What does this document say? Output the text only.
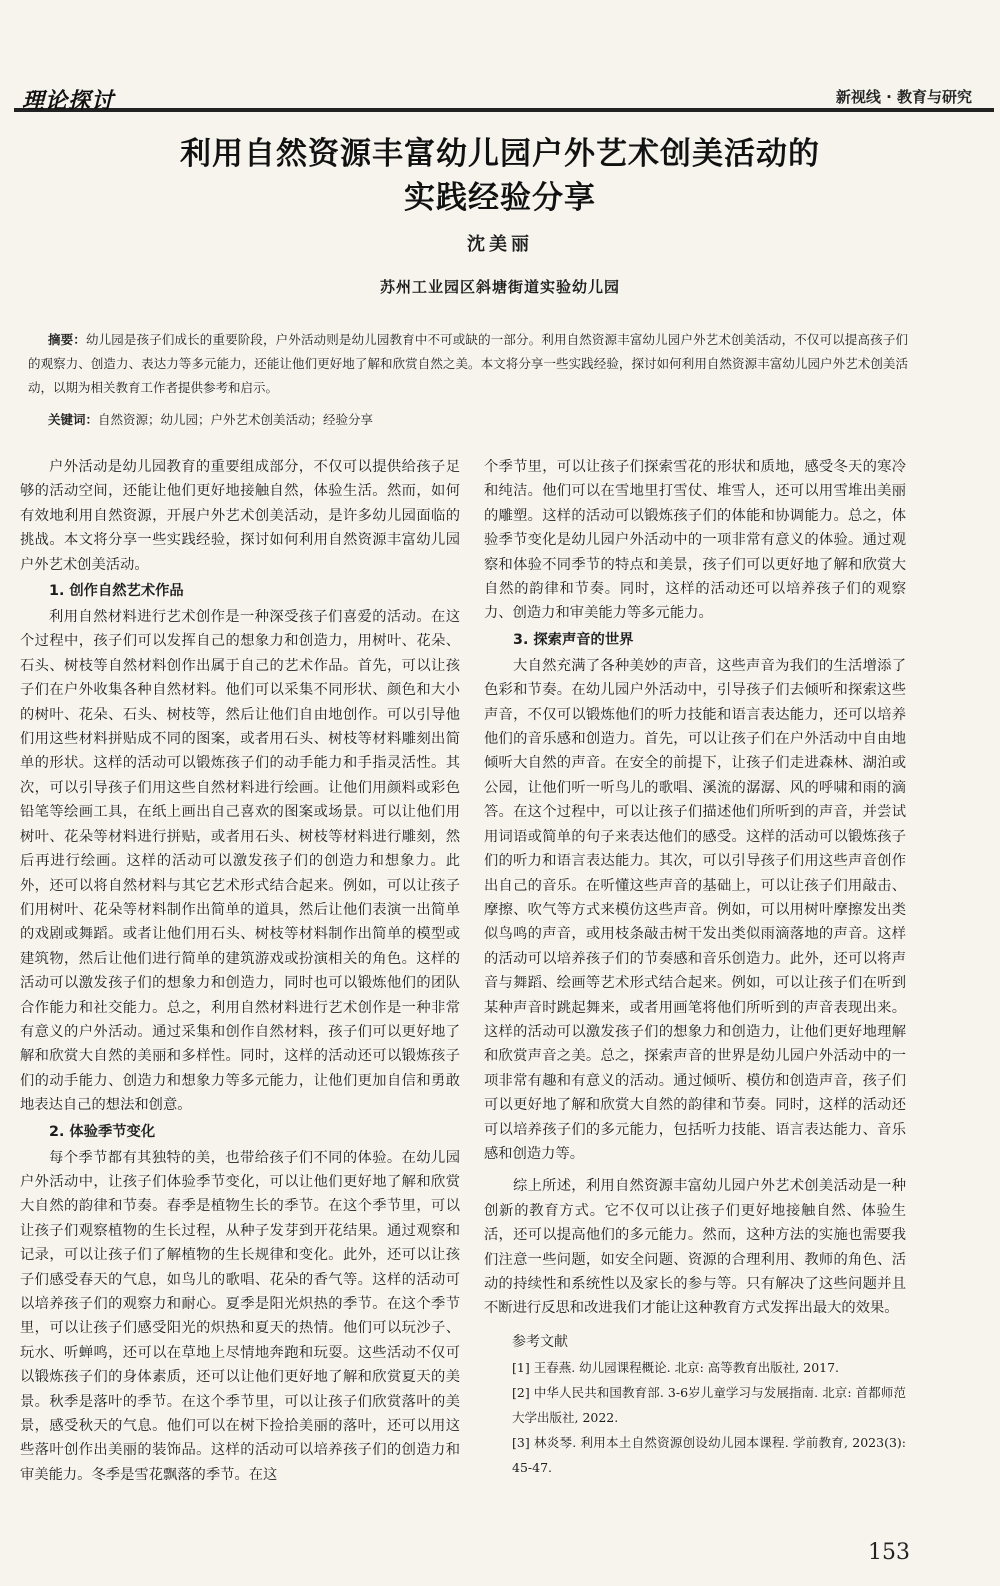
理论探讨	新视线 · 教育与研究
利用自然资源丰富幼儿园户外艺术创美活动的
实践经验分享
沈美丽
苏州工业园区斜塘街道实验幼儿园
摘要：幼儿园是孩子们成长的重要阶段，户外活动则是幼儿园教育中不可或缺的一部分。利用自然资源丰富幼儿园户外艺术创美活动，不仅可以提高孩子们的观察力、创造力、表达力等多元能力，还能让他们更好地了解和欣赏自然之美。本文将分享一些实践经验，探讨如何利用自然资源丰富幼儿园户外艺术创美活动，以期为相关教育工作者提供参考和启示。
关键词：自然资源；幼儿园；户外艺术创美活动；经验分享

户外活动是幼儿园教育的重要组成部分，不仅可以提供给孩子足够的活动空间，还能让他们更好地接触自然，体验生活。然而，如何有效地利用自然资源，开展户外艺术创美活动，是许多幼儿园面临的挑战。本文将分享一些实践经验，探讨如何利用自然资源丰富幼儿园户外艺术创美活动。

1. 创作自然艺术作品

利用自然材料进行艺术创作是一种深受孩子们喜爱的活动。在这个过程中，孩子们可以发挥自己的想象力和创造力，用树叶、花朵、石头、树枝等自然材料创作出属于自己的艺术作品。首先，可以让孩子们在户外收集各种自然材料。他们可以采集不同形状、颜色和大小的树叶、花朵、石头、树枝等，然后让他们自由地创作。可以引导他们用这些材料拼贴成不同的图案，或者用石头、树枝等材料雕刻出简单的形状。这样的活动可以锻炼孩子们的动手能力和手指灵活性。其次，可以引导孩子们用这些自然材料进行绘画。让他们用颜料或彩色铅笔等绘画工具，在纸上画出自己喜欢的图案或场景。可以让他们用树叶、花朵等材料进行拼贴，或者用石头、树枝等材料进行雕刻，然后再进行绘画。这样的活动可以激发孩子们的创造力和想象力。此外，还可以将自然材料与其它艺术形式结合起来。例如，可以让孩子们用树叶、花朵等材料制作出简单的道具，然后让他们表演一出简单的戏剧或舞蹈。或者让他们用石头、树枝等材料制作出简单的模型或建筑物，然后让他们进行简单的建筑游戏或扮演相关的角色。这样的活动可以激发孩子们的想象力和创造力，同时也可以锻炼他们的团队合作能力和社交能力。总之，利用自然材料进行艺术创作是一种非常有意义的户外活动。通过采集和创作自然材料，孩子们可以更好地了解和欣赏大自然的美丽和多样性。同时，这样的活动还可以锻炼孩子们的动手能力、创造力和想象力等多元能力，让他们更加自信和勇敢地表达自己的想法和创意。

2. 体验季节变化

每个季节都有其独特的美，也带给孩子们不同的体验。在幼儿园户外活动中，让孩子们体验季节变化，可以让他们更好地了解和欣赏大自然的韵律和节奏。春季是植物生长的季节。在这个季节里，可以让孩子们观察植物的生长过程，从种子发芽到开花结果。通过观察和记录，可以让孩子们了解植物的生长规律和变化。此外，还可以让孩子们感受春天的气息，如鸟儿的歌唱、花朵的香气等。这样的活动可以培养孩子们的观察力和耐心。夏季是阳光炽热的季节。在这个季节里，可以让孩子们感受阳光的炽热和夏天的热情。他们可以玩沙子、玩水、听蝉鸣，还可以在草地上尽情地奔跑和玩耍。这些活动不仅可以锻炼孩子们的身体素质，还可以让他们更好地了解和欣赏夏天的美景。秋季是落叶的季节。在这个季节里，可以让孩子们欣赏落叶的美景，感受秋天的气息。他们可以在树下捡拾美丽的落叶，还可以用这些落叶创作出美丽的装饰品。这样的活动可以培养孩子们的创造力和审美能力。冬季是雪花飘落的季节。在这

个季节里，可以让孩子们探索雪花的形状和质地，感受冬天的寒冷和纯洁。他们可以在雪地里打雪仗、堆雪人，还可以用雪堆出美丽的雕塑。这样的活动可以锻炼孩子们的体能和协调能力。总之，体验季节变化是幼儿园户外活动中的一项非常有意义的体验。通过观察和体验不同季节的特点和美景，孩子们可以更好地了解和欣赏大自然的韵律和节奏。同时，这样的活动还可以培养孩子们的观察力、创造力和审美能力等多元能力。

3. 探索声音的世界

大自然充满了各种美妙的声音，这些声音为我们的生活增添了色彩和节奏。在幼儿园户外活动中，引导孩子们去倾听和探索这些声音，不仅可以锻炼他们的听力技能和语言表达能力，还可以培养他们的音乐感和创造力。首先，可以让孩子们在户外活动中自由地倾听大自然的声音。在安全的前提下，让孩子们走进森林、湖泊或公园，让他们听一听鸟儿的歌唱、溪流的潺潺、风的呼啸和雨的滴答。在这个过程中，可以让孩子们描述他们所听到的声音，并尝试用词语或简单的句子来表达他们的感受。这样的活动可以锻炼孩子们的听力和语言表达能力。其次，可以引导孩子们用这些声音创作出自己的音乐。在听懂这些声音的基础上，可以让孩子们用敲击、摩擦、吹气等方式来模仿这些声音。例如，可以用树叶摩擦发出类似鸟鸣的声音，或用枝条敲击树干发出类似雨滴落地的声音。这样的活动可以培养孩子们的节奏感和音乐创造力。此外，还可以将声音与舞蹈、绘画等艺术形式结合起来。例如，可以让孩子们在听到某种声音时跳起舞来，或者用画笔将他们所听到的声音表现出来。这样的活动可以激发孩子们的想象力和创造力，让他们更好地理解和欣赏声音之美。总之，探索声音的世界是幼儿园户外活动中的一项非常有趣和有意义的活动。通过倾听、模仿和创造声音，孩子们可以更好地了解和欣赏大自然的韵律和节奏。同时，这样的活动还可以培养孩子们的多元能力，包括听力技能、语言表达能力、音乐感和创造力等。

综上所述，利用自然资源丰富幼儿园户外艺术创美活动是一种创新的教育方式。它不仅可以让孩子们更好地接触自然、体验生活，还可以提高他们的多元能力。然而，这种方法的实施也需要我们注意一些问题，如安全问题、资源的合理利用、教师的角色、活动的持续性和系统性以及家长的参与等。只有解决了这些问题并且不断进行反思和改进我们才能让这种教育方式发挥出最大的效果。

参考文献
[1] 王春燕. 幼儿园课程概论. 北京: 高等教育出版社, 2017.
[2] 中华人民共和国教育部. 3-6岁儿童学习与发展指南. 北京: 首都师范大学出版社, 2022.
[3] 林炎琴. 利用本土自然资源创设幼儿园本课程. 学前教育, 2023(3): 45-47.
153
